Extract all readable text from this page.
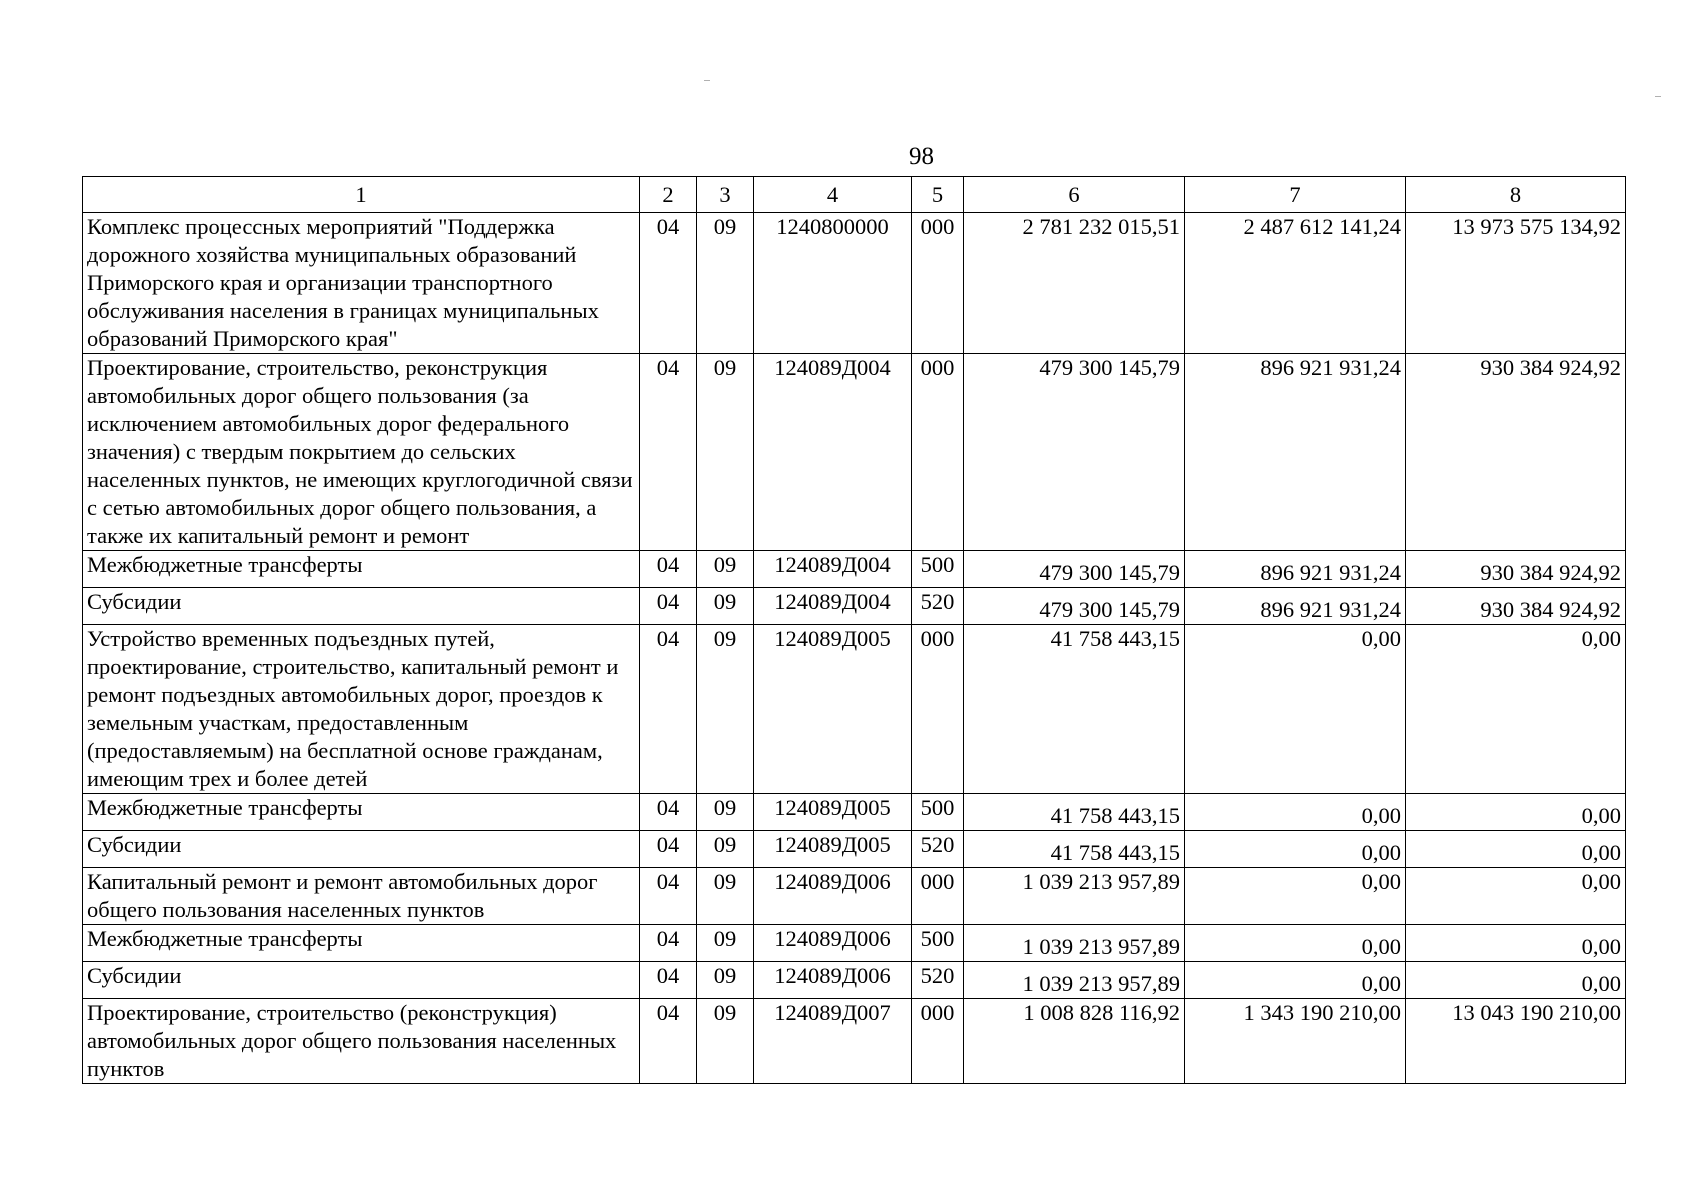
98
1	2	3	4	5	6	7	8
Комплекс процессных мероприятий "Поддержка дорожного хозяйства муниципальных образований Приморского края и организации транспортного обслуживания населения в границах муниципальных образований Приморского края"	04	09	1240800000	000	2 781 232 015,51	2 487 612 141,24	13 973 575 134,92
Проектирование, строительство, реконструкция автомобильных дорог общего пользования (за исключением автомобильных дорог федерального значения) с твердым покрытием до сельских населенных пунктов, не имеющих круглогодичной связи с сетью автомобильных дорог общего пользования, а также их капитальный ремонт и ремонт	04	09	124089Д004	000	479 300 145,79	896 921 931,24	930 384 924,92
Межбюджетные трансферты	04	09	124089Д004	500	479 300 145,79	896 921 931,24	930 384 924,92
Субсидии	04	09	124089Д004	520	479 300 145,79	896 921 931,24	930 384 924,92
Устройство временных подъездных путей, проектирование, строительство, капитальный ремонт и ремонт подъездных автомобильных дорог, проездов к земельным участкам, предоставленным (предоставляемым) на бесплатной основе гражданам, имеющим трех и более детей	04	09	124089Д005	000	41 758 443,15	0,00	0,00
Межбюджетные трансферты	04	09	124089Д005	500	41 758 443,15	0,00	0,00
Субсидии	04	09	124089Д005	520	41 758 443,15	0,00	0,00
Капитальный ремонт и ремонт автомобильных дорог общего пользования населенных пунктов	04	09	124089Д006	000	1 039 213 957,89	0,00	0,00
Межбюджетные трансферты	04	09	124089Д006	500	1 039 213 957,89	0,00	0,00
Субсидии	04	09	124089Д006	520	1 039 213 957,89	0,00	0,00
Проектирование, строительство (реконструкция) автомобильных дорог общего пользования населенных пунктов	04	09	124089Д007	000	1 008 828 116,92	1 343 190 210,00	13 043 190 210,00
